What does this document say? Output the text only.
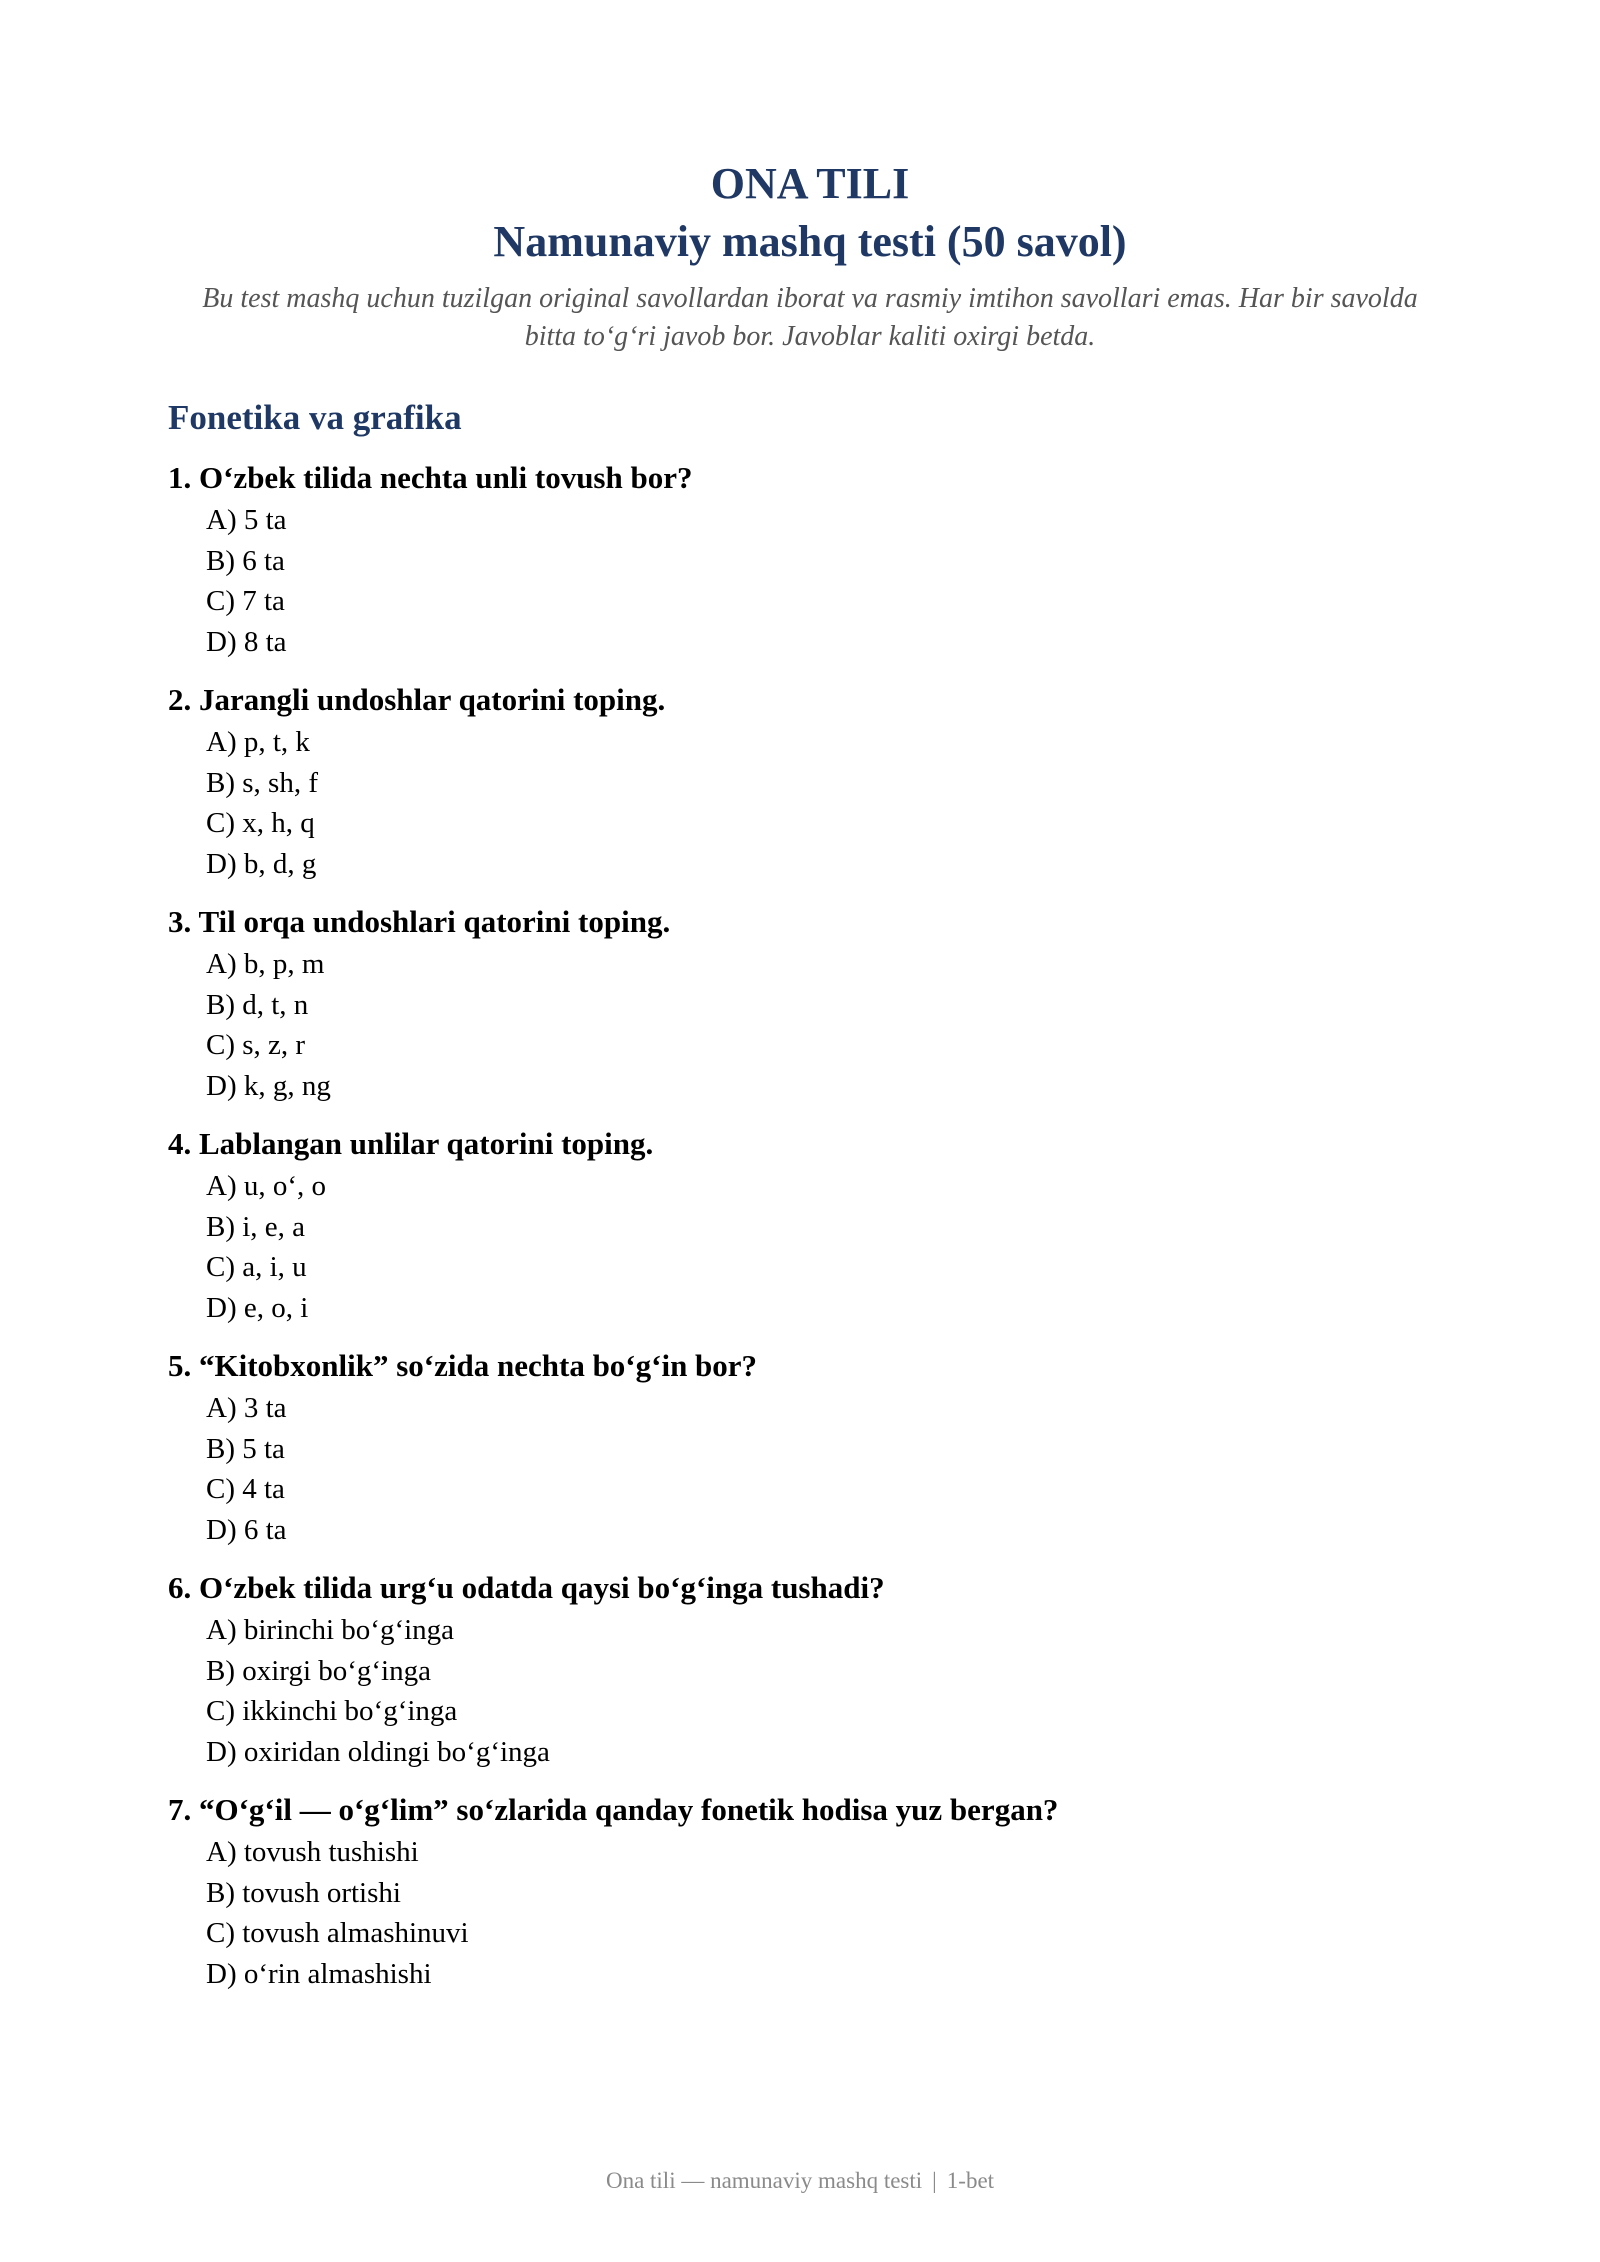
ONA TILI
Namunaviy mashq testi (50 savol)

Bu test mashq uchun tuzilgan original savollardan iborat va rasmiy imtihon savollari emas. Har bir savolda bitta to‘g‘ri javob bor. Javoblar kaliti oxirgi betda.

Fonetika va grafika

1. O‘zbek tilida nechta unli tovush bor?

A) 5 ta

B) 6 ta

C) 7 ta

D) 8 ta

2. Jarangli undoshlar qatorini toping.

A) p, t, k

B) s, sh, f

C) x, h, q

D) b, d, g

3. Til orqa undoshlari qatorini toping.

A) b, p, m

B) d, t, n

C) s, z, r

D) k, g, ng

4. Lablangan unlilar qatorini toping.

A) u, o‘, o

B) i, e, a

C) a, i, u

D) e, o, i

5. “Kitobxonlik” so‘zida nechta bo‘g‘in bor?

A) 3 ta

B) 5 ta

C) 4 ta

D) 6 ta

6. O‘zbek tilida urg‘u odatda qaysi bo‘g‘inga tushadi?

A) birinchi bo‘g‘inga

B) oxirgi bo‘g‘inga

C) ikkinchi bo‘g‘inga

D) oxiridan oldingi bo‘g‘inga

7. “O‘g‘il — o‘g‘lim” so‘zlarida qanday fonetik hodisa yuz bergan?

A) tovush tushishi

B) tovush ortishi

C) tovush almashinuvi

D) o‘rin almashishi

Ona tili — namunaviy mashq testi | 1-bet
